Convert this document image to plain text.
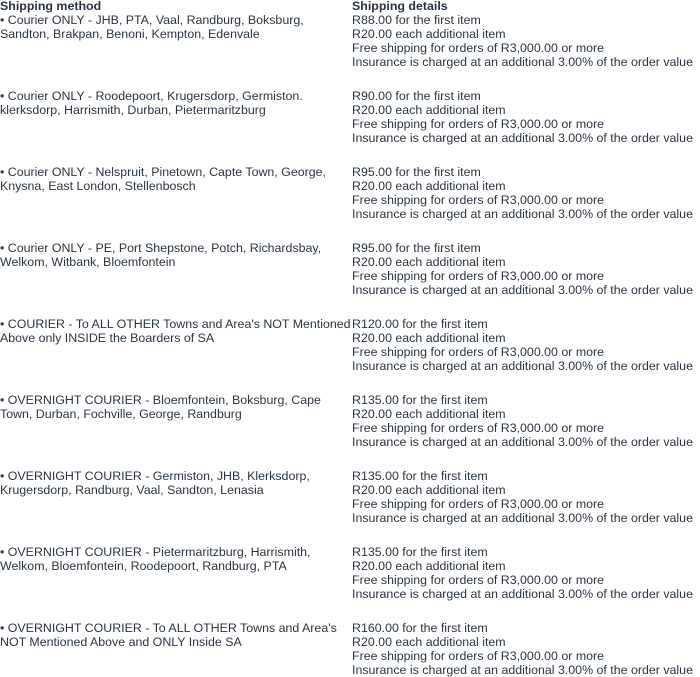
Shipping method	Shipping details
• Courier ONLY - JHB, PTA, Vaal, Randburg, Boksburg, Sandton, Brakpan, Benoni, Kempton, Edenvale	R88.00 for the first item
R20.00 each additional item
Free shipping for orders of R3,000.00 or more
Insurance is charged at an additional 3.00% of the order value

• Courier ONLY - Roodepoort, Krugersdorp, Germiston. klerksdorp, Harrismith, Durban, Pietermaritzburg	R90.00 for the first item
R20.00 each additional item
Free shipping for orders of R3,000.00 or more
Insurance is charged at an additional 3.00% of the order value

• Courier ONLY - Nelspruit, Pinetown, Capte Town, George, Knysna, East London, Stellenbosch	R95.00 for the first item
R20.00 each additional item
Free shipping for orders of R3,000.00 or more
Insurance is charged at an additional 3.00% of the order value

• Courier ONLY - PE, Port Shepstone, Potch, Richardsbay, Welkom, Witbank, Bloemfontein	R95.00 for the first item
R20.00 each additional item
Free shipping for orders of R3,000.00 or more
Insurance is charged at an additional 3.00% of the order value

• COURIER - To ALL OTHER Towns and Area's NOT Mentioned Above only INSIDE the Boarders of SA	R120.00 for the first item
R20.00 each additional item
Free shipping for orders of R3,000.00 or more
Insurance is charged at an additional 3.00% of the order value

• OVERNIGHT COURIER - Bloemfontein, Boksburg, Cape Town, Durban, Fochville, George, Randburg	R135.00 for the first item
R20.00 each additional item
Free shipping for orders of R3,000.00 or more
Insurance is charged at an additional 3.00% of the order value

• OVERNIGHT COURIER - Germiston, JHB, Klerksdorp, Krugersdorp, Randburg, Vaal, Sandton, Lenasia	R135.00 for the first item
R20.00 each additional item
Free shipping for orders of R3,000.00 or more
Insurance is charged at an additional 3.00% of the order value

• OVERNIGHT COURIER - Pietermaritzburg, Harrismith, Welkom, Bloemfontein, Roodepoort, Randburg, PTA	R135.00 for the first item
R20.00 each additional item
Free shipping for orders of R3,000.00 or more
Insurance is charged at an additional 3.00% of the order value

• OVERNIGHT COURIER - To ALL OTHER Towns and Area's NOT Mentioned Above and ONLY Inside SA	R160.00 for the first item
R20.00 each additional item
Free shipping for orders of R3,000.00 or more
Insurance is charged at an additional 3.00% of the order value
